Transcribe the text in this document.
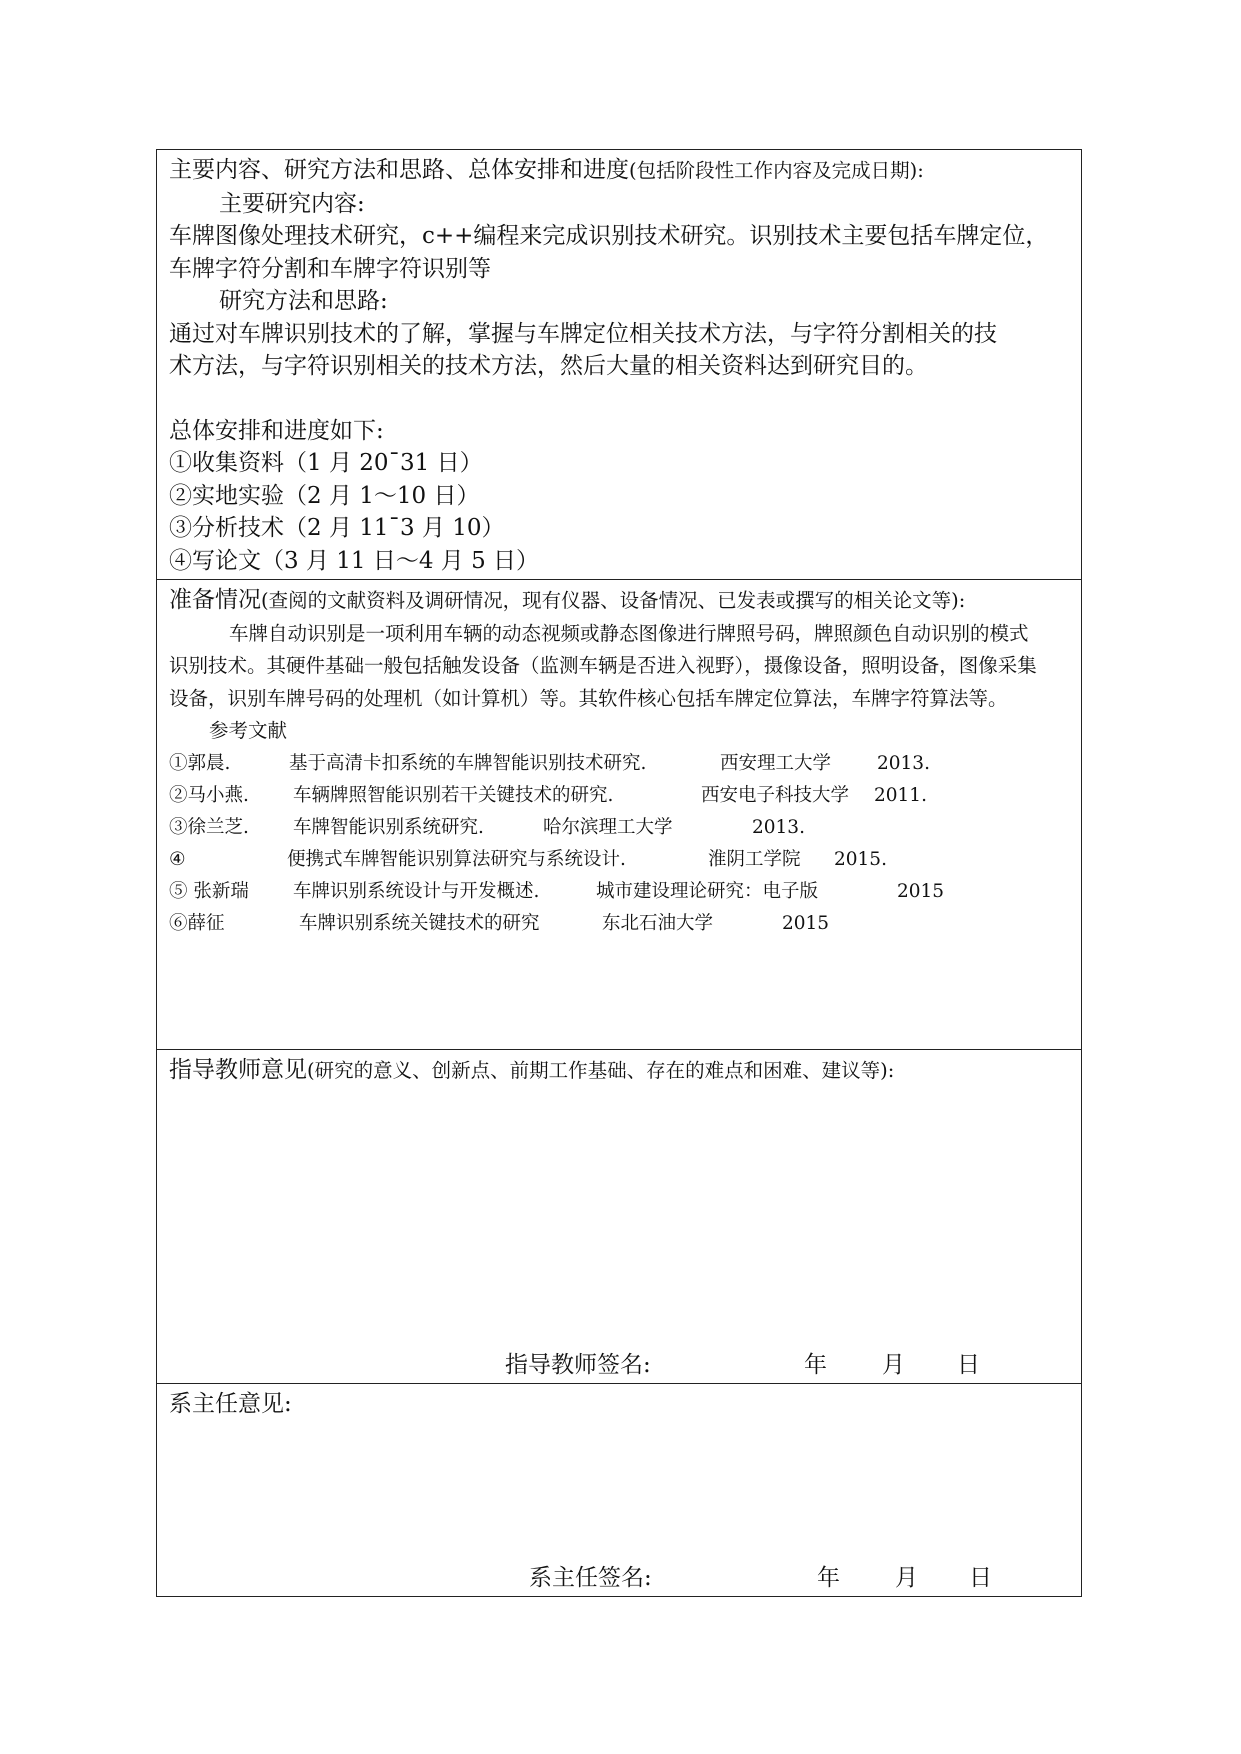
主要内容、研究方法和思路、总体安排和进度(包括阶段性工作内容及完成日期):
主要研究内容:
车牌图像处理技术研究，c++编程来完成识别技术研究。识别技术主要包括车牌定位，
车牌字符分割和车牌字符识别等
研究方法和思路:
通过对车牌识别技术的了解，掌握与车牌定位相关技术方法，与字符分割相关的技
术方法，与字符识别相关的技术方法，然后大量的相关资料达到研究目的。
总体安排和进度如下:
①收集资料（1 月 20¯31 日）
②实地实验（2 月 1～10 日）
③分析技术（2 月 11¯3 月 10）
④写论文（3 月 11 日～4 月 5 日）
准备情况(查阅的文献资料及调研情况，现有仪器、设备情况、已发表或撰写的相关论文等):
车牌自动识别是一项利用车辆的动态视频或静态图像进行牌照号码，牌照颜色自动识别的模式
识别技术。其硬件基础一般包括触发设备（监测车辆是否进入视野），摄像设备，照明设备，图像采集
设备，识别车牌号码的处理机（如计算机）等。其软件核心包括车牌定位算法，车牌字符算法等。
参考文献
①郭晨.	基于高清卡扣系统的车牌智能识别技术研究.	西安理工大学 2013.
②马小燕. 车辆牌照智能识别若干关键技术的研究.	西安电子科技大学 2011.
③徐兰芝. 车牌智能识别系统研究.	哈尔滨理工大学	2013.
④	便携式车牌智能识别算法研究与系统设计.	淮阴工学院 2015.
⑤ 张新瑞 车牌识别系统设计与开发概述.	城市建设理论研究：电子版	2015
⑥薛征	车牌识别系统关键技术的研究	东北石油大学	2015
指导教师意见(研究的意义、创新点、前期工作基础、存在的难点和困难、建议等):
指导教师签名:	年 月 日
系主任意见:
系主任签名:	年 月 日
